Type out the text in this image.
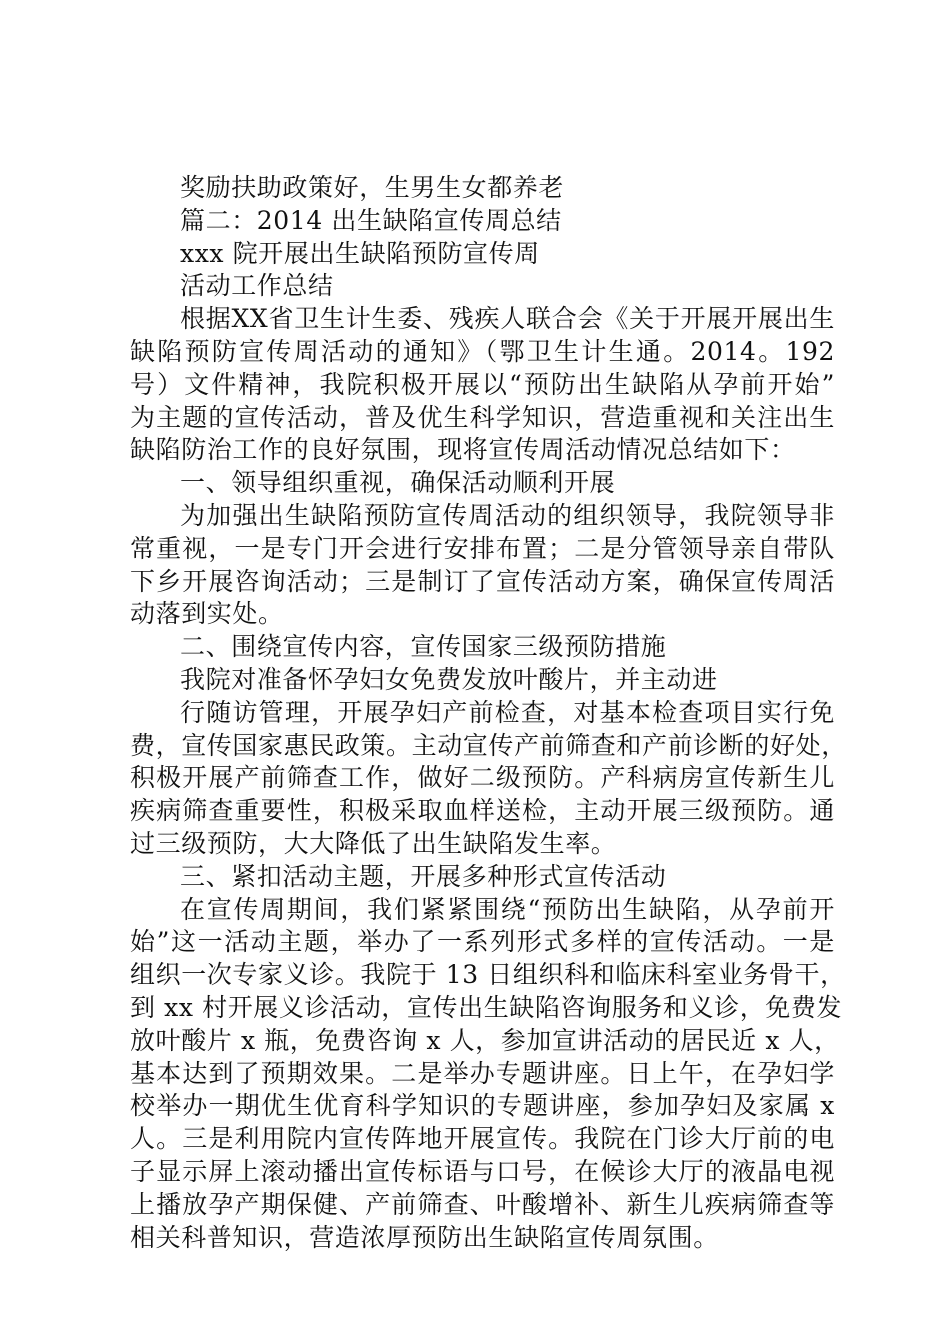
奖励扶助政策好，生男生女都养老
篇二：2014 出生缺陷宣传周总结
xxx 院开展出生缺陷预防宣传周
活动工作总结
根据XX省卫生计生委、残疾人联合会《关于开展开展出生
缺陷预防宣传周活动的通知》（鄂卫生计生通。2014。192
号）文件精神，我院积极开展以“预防出生缺陷从孕前开始”
为主题的宣传活动，普及优生科学知识，营造重视和关注出生
缺陷防治工作的良好氛围，现将宣传周活动情况总结如下：
一、领导组织重视，确保活动顺利开展
为加强出生缺陷预防宣传周活动的组织领导，我院领导非
常重视，一是专门开会进行安排布置；二是分管领导亲自带队
下乡开展咨询活动；三是制订了宣传活动方案，确保宣传周活
动落到实处。
二、围绕宣传内容，宣传国家三级预防措施
我院对准备怀孕妇女免费发放叶酸片，并主动进
行随访管理，开展孕妇产前检查，对基本检查项目实行免
费，宣传国家惠民政策。主动宣传产前筛查和产前诊断的好处，
积极开展产前筛查工作，做好二级预防。产科病房宣传新生儿
疾病筛查重要性，积极采取血样送检，主动开展三级预防。通
过三级预防，大大降低了出生缺陷发生率。
三、紧扣活动主题，开展多种形式宣传活动
在宣传周期间，我们紧紧围绕“预防出生缺陷，从孕前开
始”这一活动主题，举办了一系列形式多样的宣传活动。一是
组织一次专家义诊。我院于 13 日组织科和临床科室业务骨干，
到 xx 村开展义诊活动，宣传出生缺陷咨询服务和义诊，免费发
放叶酸片 x 瓶，免费咨询 x 人，参加宣讲活动的居民近 x 人，
基本达到了预期效果。二是举办专题讲座。日上午，在孕妇学
校举办一期优生优育科学知识的专题讲座，参加孕妇及家属 x
人。三是利用院内宣传阵地开展宣传。我院在门诊大厅前的电
子显示屏上滚动播出宣传标语与口号，在候诊大厅的液晶电视
上播放孕产期保健、产前筛查、叶酸增补、新生儿疾病筛查等
相关科普知识，营造浓厚预防出生缺陷宣传周氛围。
